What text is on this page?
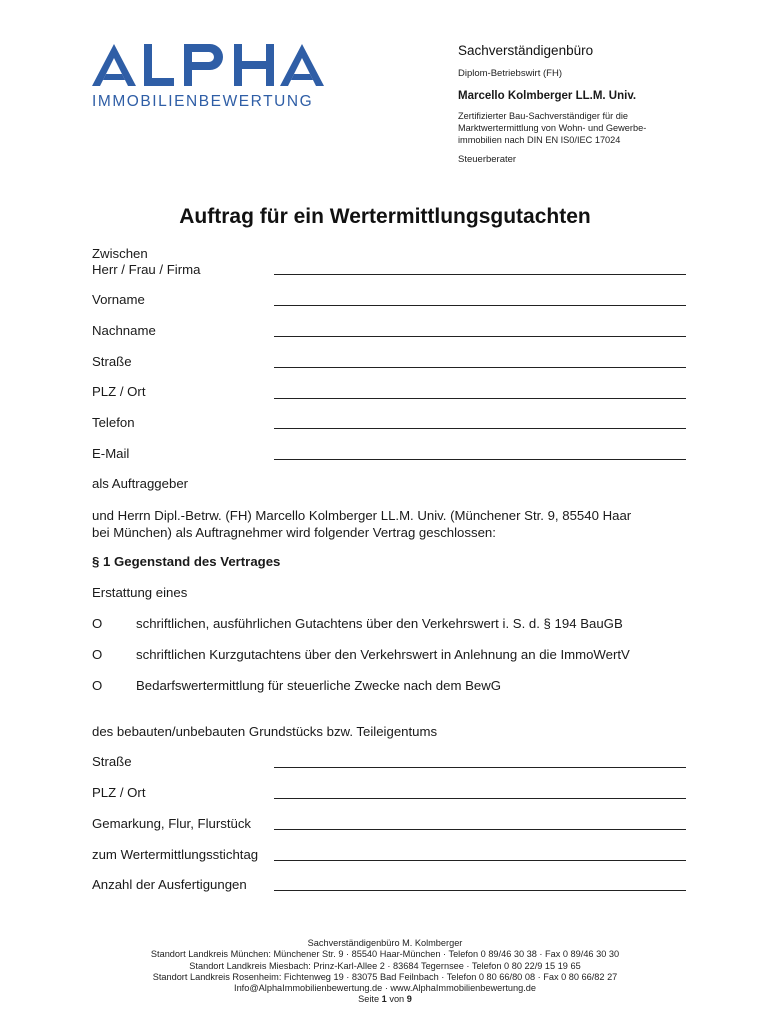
IMMOBILIENBEWERTUNG
Sachverständigenbüro
Diplom-Betriebswirt (FH)
Marcello Kolmberger LL.M. Univ.
Zertifizierter Bau-Sachverständiger für die
Marktwertermittlung von Wohn- und Gewerbe-
immobilien nach DIN EN IS0/IEC 17024
Steuerberater
Auftrag für ein Wertermittlungsgutachten
Zwischen
Herr / Frau / Firma
Vorname
Nachname
Straße
PLZ / Ort
Telefon
E-Mail
als Auftraggeber
und Herrn Dipl.-Betrw. (FH) Marcello Kolmberger LL.M. Univ. (Münchener Str. 9, 85540 Haar
bei München) als Auftragnehmer wird folgender Vertrag geschlossen:
§ 1 Gegenstand des Vertrages
Erstattung eines
O	schriftlichen, ausführlichen Gutachtens über den Verkehrswert i. S. d. § 194 BauGB
O	schriftlichen Kurzgutachtens über den Verkehrswert in Anlehnung an die ImmoWertV
O	Bedarfswertermittlung für steuerliche Zwecke nach dem BewG
des bebauten/unbebauten Grundstücks bzw. Teileigentums
Straße
PLZ / Ort
Gemarkung, Flur, Flurstück
zum Wertermittlungsstichtag
Anzahl der Ausfertigungen
Sachverständigenbüro M. Kolmberger
Standort Landkreis München: Münchener Str. 9 · 85540 Haar-München · Telefon 0 89/46 30 38 · Fax 0 89/46 30 30
Standort Landkreis Miesbach: Prinz-Karl-Allee 2 · 83684 Tegernsee · Telefon 0 80 22/9 15 19 65
Standort Landkreis Rosenheim: Fichtenweg 19 · 83075 Bad Feilnbach · Telefon 0 80 66/80 08 · Fax 0 80 66/82 27
Info@AlphaImmobilienbewertung.de · www.AlphaImmobilienbewertung.de
Seite 1 von 9
